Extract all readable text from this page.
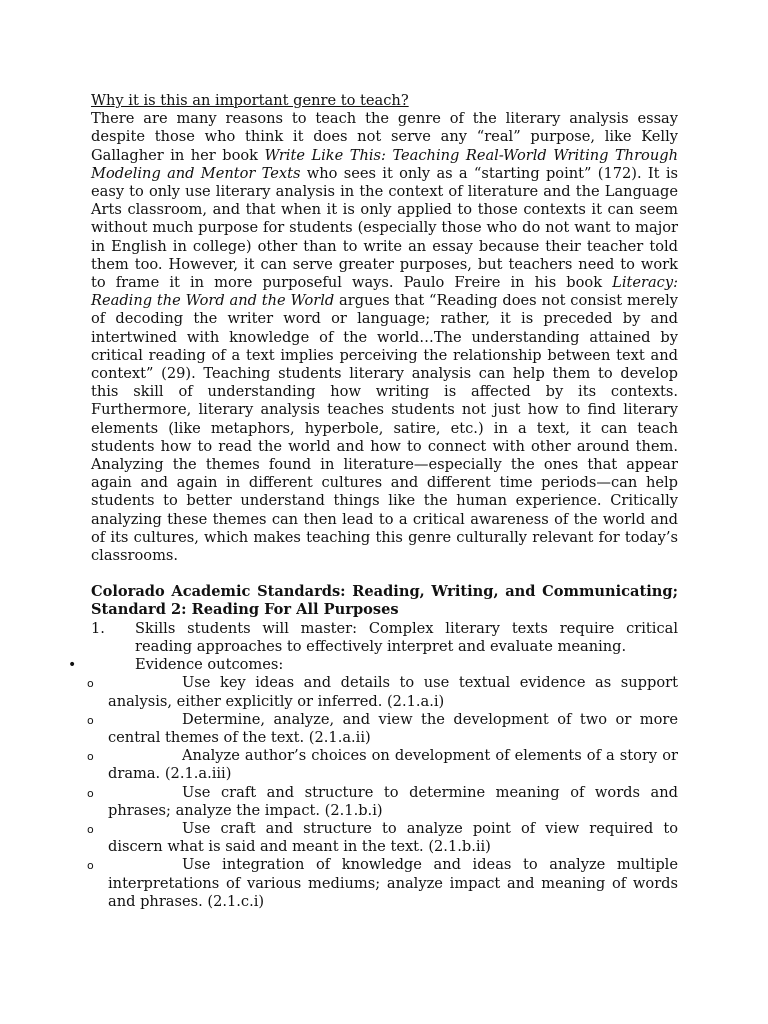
Why it is this an important genre to teach?

There are many reasons to teach the genre of the literary analysis essay despite those who think it does not serve any “real” purpose, like Kelly Gallagher in her book Write Like This: Teaching Real-World Writing Through Modeling and Mentor Texts who sees it only as a “starting point” (172). It is easy to only use literary analysis in the context of literature and the Language Arts classroom, and that when it is only applied to those contexts it can seem without much purpose for students (especially those who do not want to major in English in college) other than to write an essay because their teacher told them too. However, it can serve greater purposes, but teachers need to work to frame it in more purposeful ways. Paulo Freire in his book Literacy: Reading the Word and the World argues that “Reading does not consist merely of decoding the writer word or language; rather, it is preceded by and intertwined with knowledge of the world…The understanding attained by critical reading of a text implies perceiving the relationship between text and context” (29). Teaching students literary analysis can help them to develop this skill of understanding how writing is affected by its contexts. Furthermore, literary analysis teaches students not just how to find literary elements (like metaphors, hyperbole, satire, etc.) in a text, it can teach students how to read the world and how to connect with other around them. Analyzing the themes found in literature—especially the ones that appear again and again in different cultures and different time periods—can help students to better understand things like the human experience. Critically analyzing these themes can then lead to a critical awareness of the world and of its cultures, which makes teaching this genre culturally relevant for today’s classrooms.

Colorado Academic Standards: Reading, Writing, and Communicating; Standard 2: Reading For All Purposes

1.	Skills students will master: Complex literary texts require critical reading approaches to effectively interpret and evaluate meaning.
•	Evidence outcomes:
o	Use key ideas and details to use textual evidence as support analysis, either explicitly or inferred. (2.1.a.i)
o	Determine, analyze, and view the development of two or more central themes of the text. (2.1.a.ii)
o	Analyze author’s choices on development of elements of a story or drama. (2.1.a.iii)
o	Use craft and structure to determine meaning of words and phrases; analyze the impact. (2.1.b.i)
o	Use craft and structure to analyze point of view required to discern what is said and meant in the text. (2.1.b.ii)
o	Use integration of knowledge and ideas to analyze multiple interpretations of various mediums; analyze impact and meaning of words and phrases. (2.1.c.i)
